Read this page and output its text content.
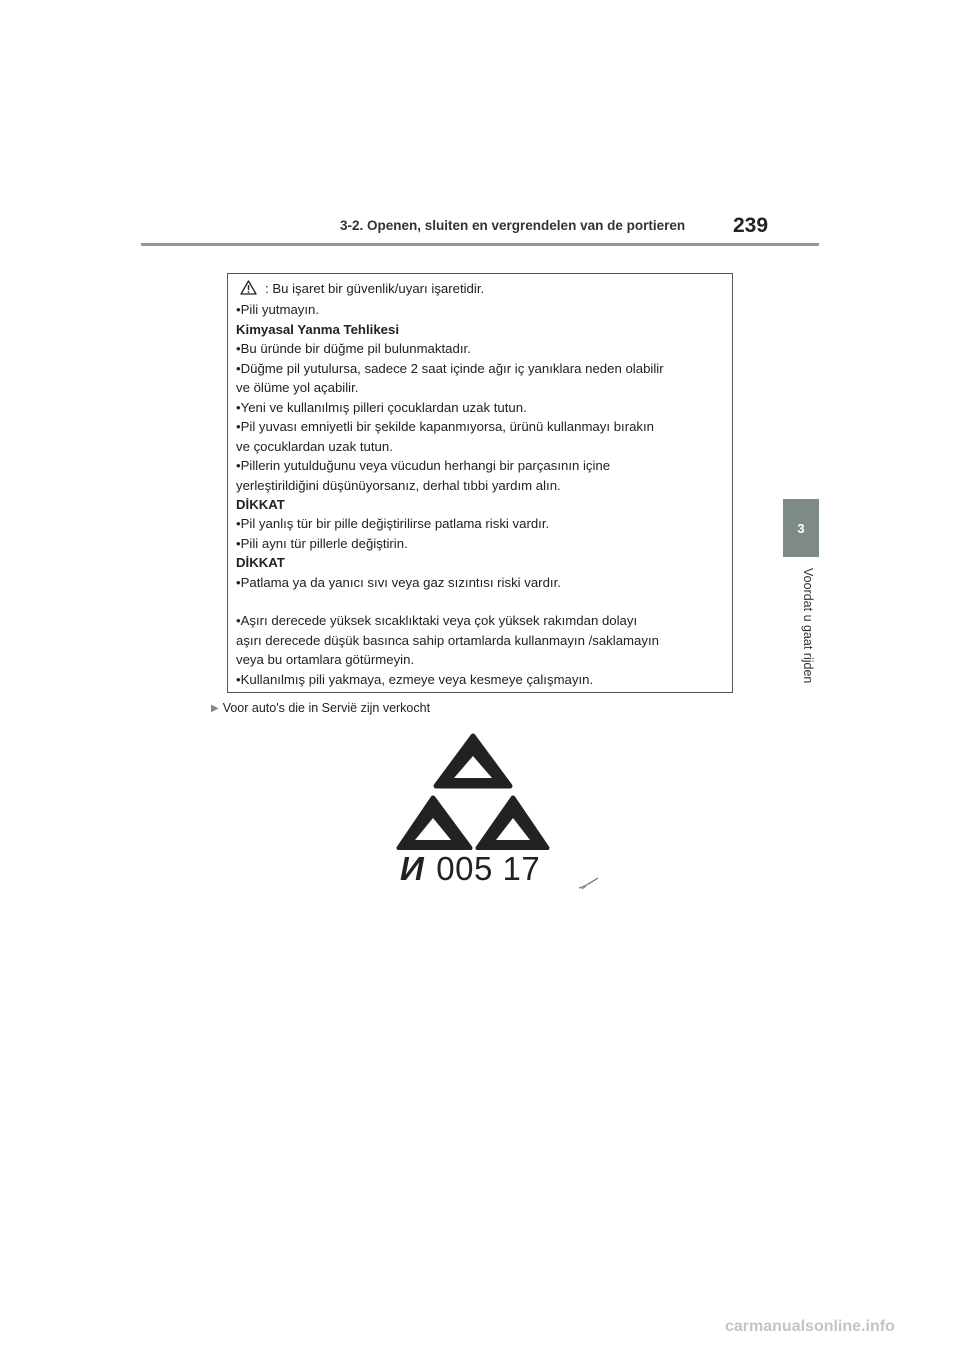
3-2. Openen, sluiten en vergrendelen van de portieren	239
3
Voordat u gaat rijden
: Bu işaret bir güvenlik/uyarı işaretidir.
•Pili yutmayın.
Kimyasal Yanma Tehlikesi
•Bu üründe bir düğme pil bulunmaktadır.
•Düğme pil yutulursa, sadece 2 saat içinde ağır iç yanıklara neden olabilir
ve ölüme yol açabilir.
•Yeni ve kullanılmış pilleri çocuklardan uzak tutun.
•Pil yuvası emniyetli bir şekilde kapanmıyorsa, ürünü kullanmayı bırakın
ve çocuklardan uzak tutun.
•Pillerin yutulduğunu veya vücudun herhangi bir parçasının içine
yerleştirildiğini düşünüyorsanız, derhal tıbbi yardım alın.
DİKKAT
•Pil yanlış tür bir pille değiştirilirse patlama riski vardır.
•Pili aynı tür pillerle değiştirin.
DİKKAT
•Patlama ya da yanıcı sıvı veya gaz sızıntısı riski vardır.
•Aşırı derecede yüksek sıcaklıktaki veya çok yüksek rakımdan dolayı
aşırı derecede düşük basınca sahip ortamlarda kullanmayın /saklamayın
veya bu ortamlara götürmeyin.
•Kullanılmış pili yakmaya, ezmeye veya kesmeye çalışmayın.
▶ Voor auto's die in Servië zijn verkocht
И 005 17
carmanualsonline.info
